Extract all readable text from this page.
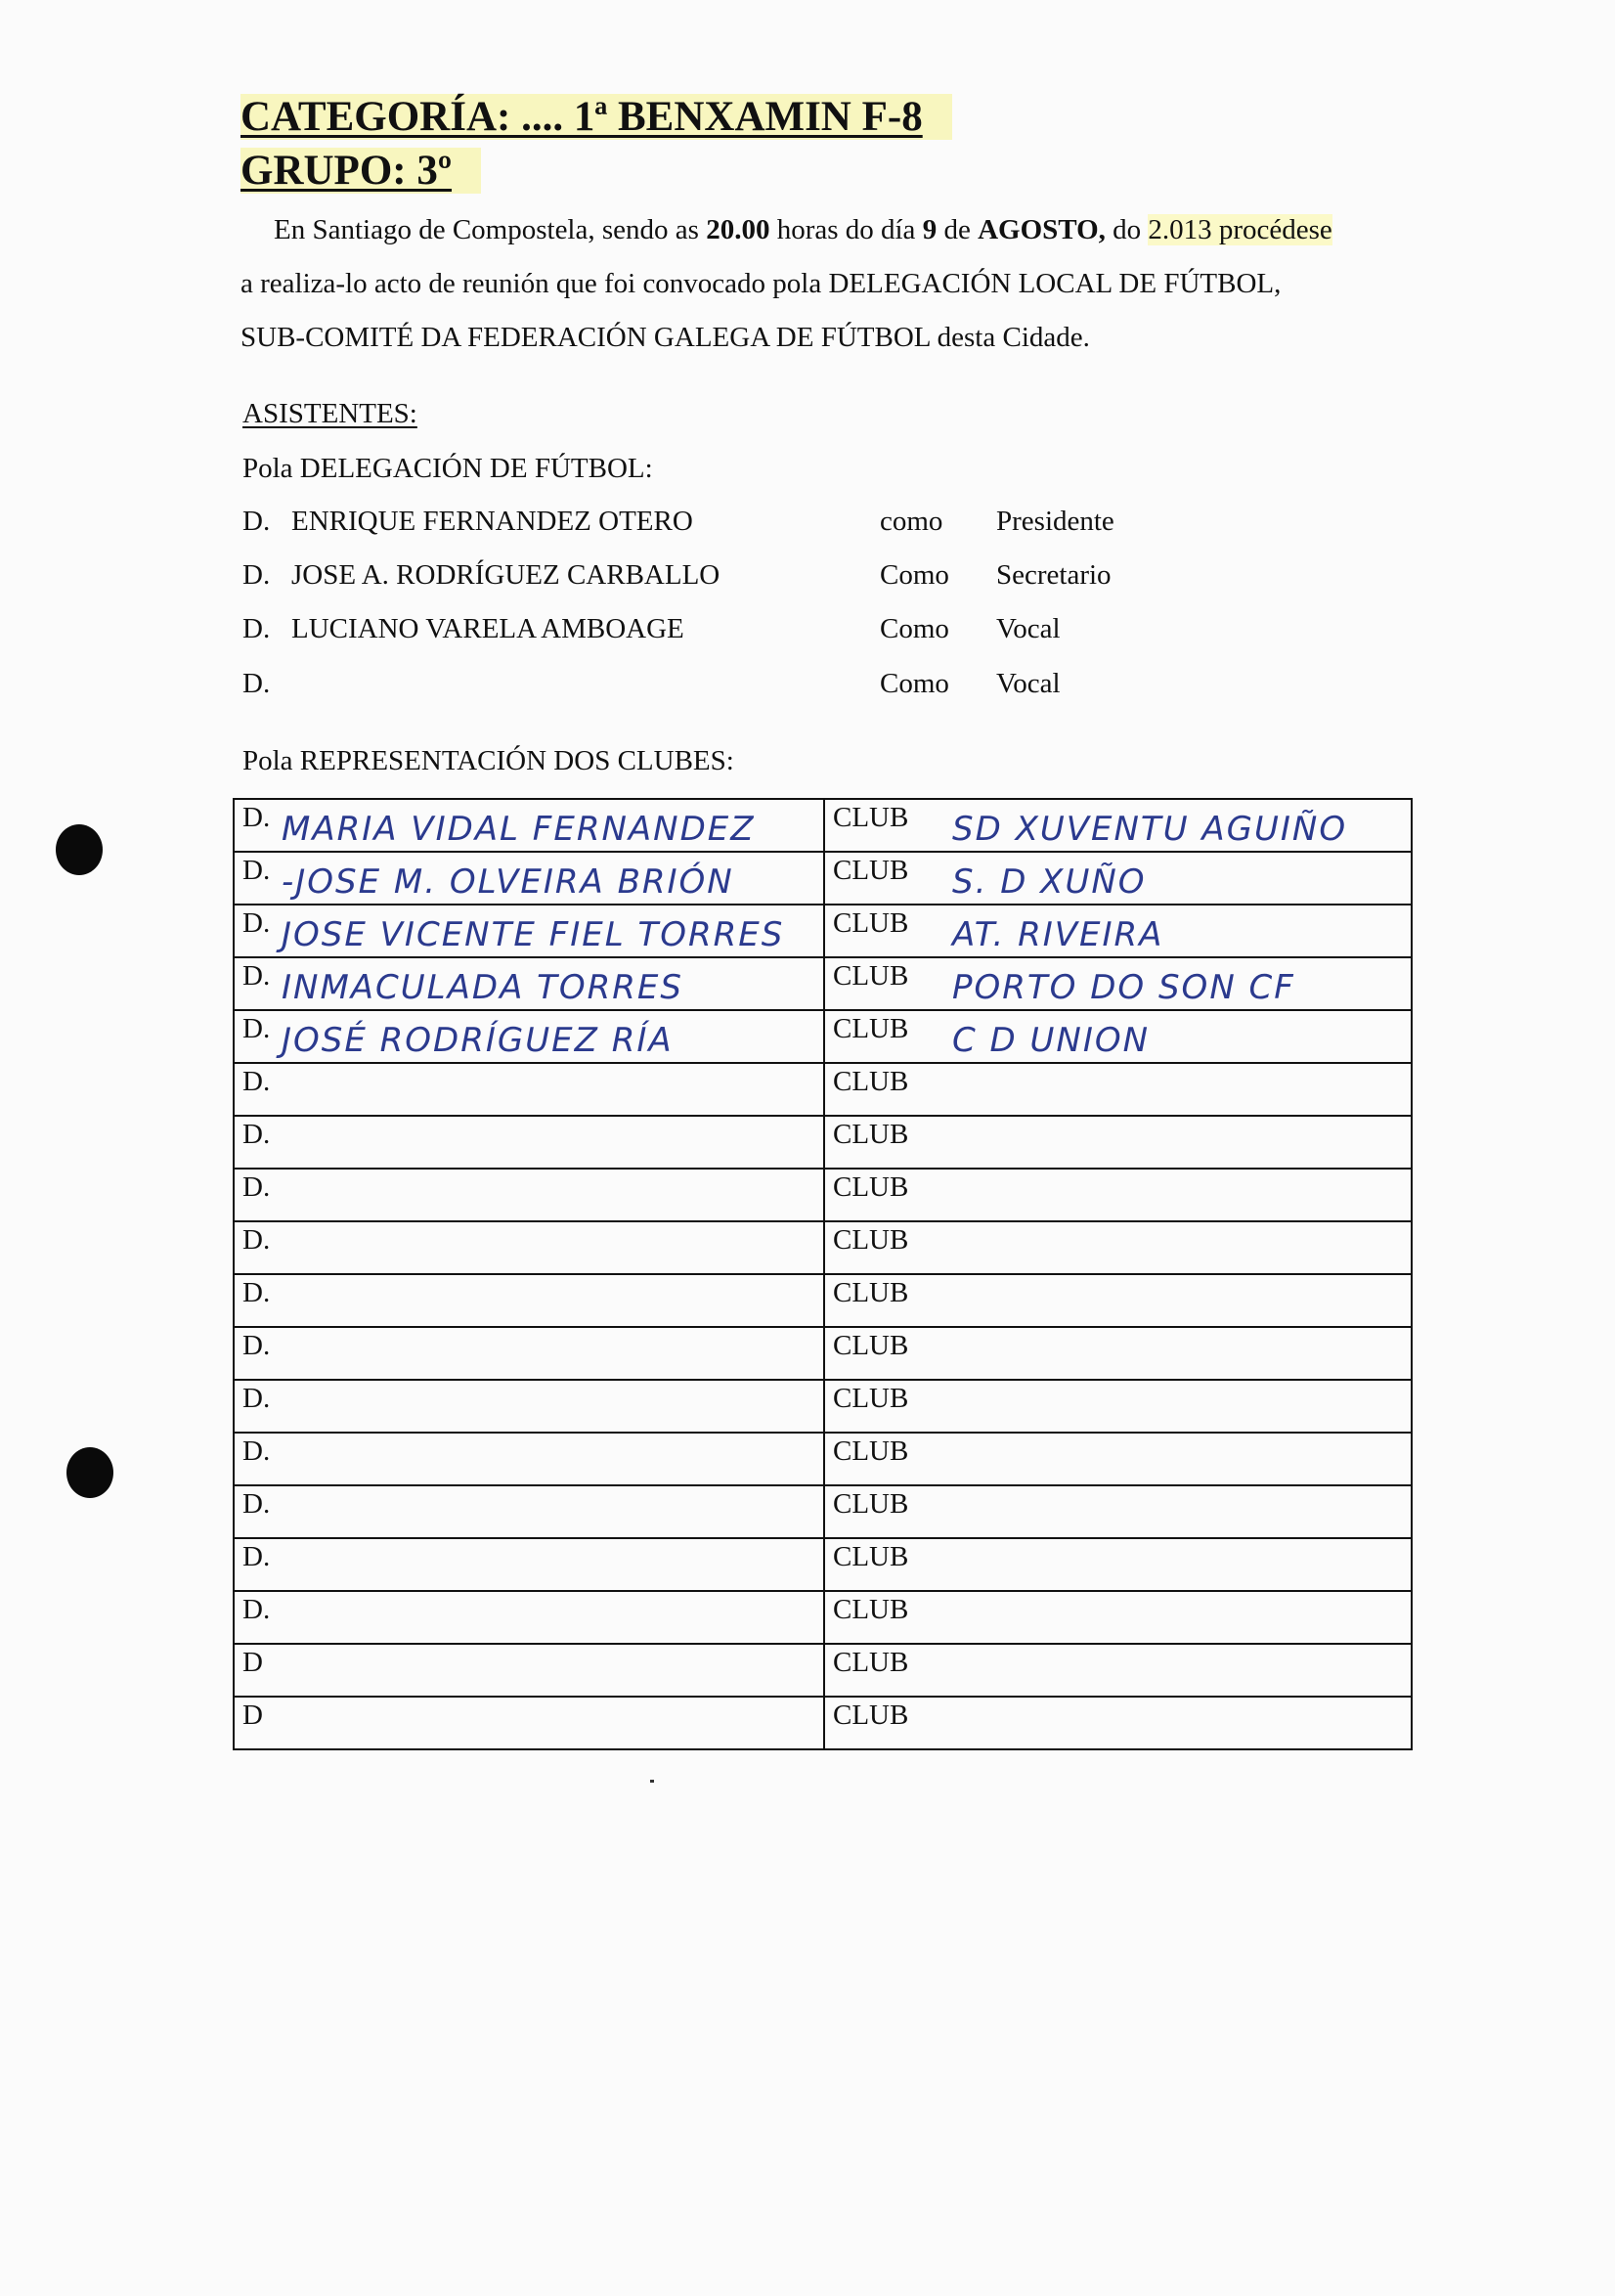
CATEGORÍA: .... 1ª BENXAMIN F-8
GRUPO: 3º
En Santiago de Compostela, sendo as 20.00 horas do día 9 de AGOSTO, do 2.013 procédese
a realiza-lo acto de reunión que foi convocado pola DELEGACIÓN LOCAL DE FÚTBOL,
SUB-COMITÉ DA FEDERACIÓN GALEGA DE FÚTBOL desta Cidade.
ASISTENTES:
Pola DELEGACIÓN DE FÚTBOL:
D. ENRIQUE FERNANDEZ OTERO	como Presidente
D. JOSE A. RODRÍGUEZ CARBALLO	Como Secretario
D. LUCIANO VARELA AMBOAGE	Como Vocal
D.	Como Vocal
Pola REPRESENTACIÓN DOS CLUBES:
D. MARIA VIDAL FERNANDEZ	CLUB SD XUVENTU AGUIÑO

D. -JOSE M. OLVEIRA BRIÓN	CLUB S. D XUÑO

D. JOSE VICENTE FIEL TORRES	CLUB AT. RIVEIRA

D. INMACULADA TORRES	CLUB PORTO DO SON CF

D. JOSÉ RODRÍGUEZ RÍA	CLUB C D UNION

D.	CLUB

D.	CLUB

D.	CLUB

D.	CLUB

D.	CLUB

D.	CLUB

D.	CLUB

D.	CLUB

D.	CLUB

D.	CLUB

D.	CLUB

D	CLUB

D	CLUB
